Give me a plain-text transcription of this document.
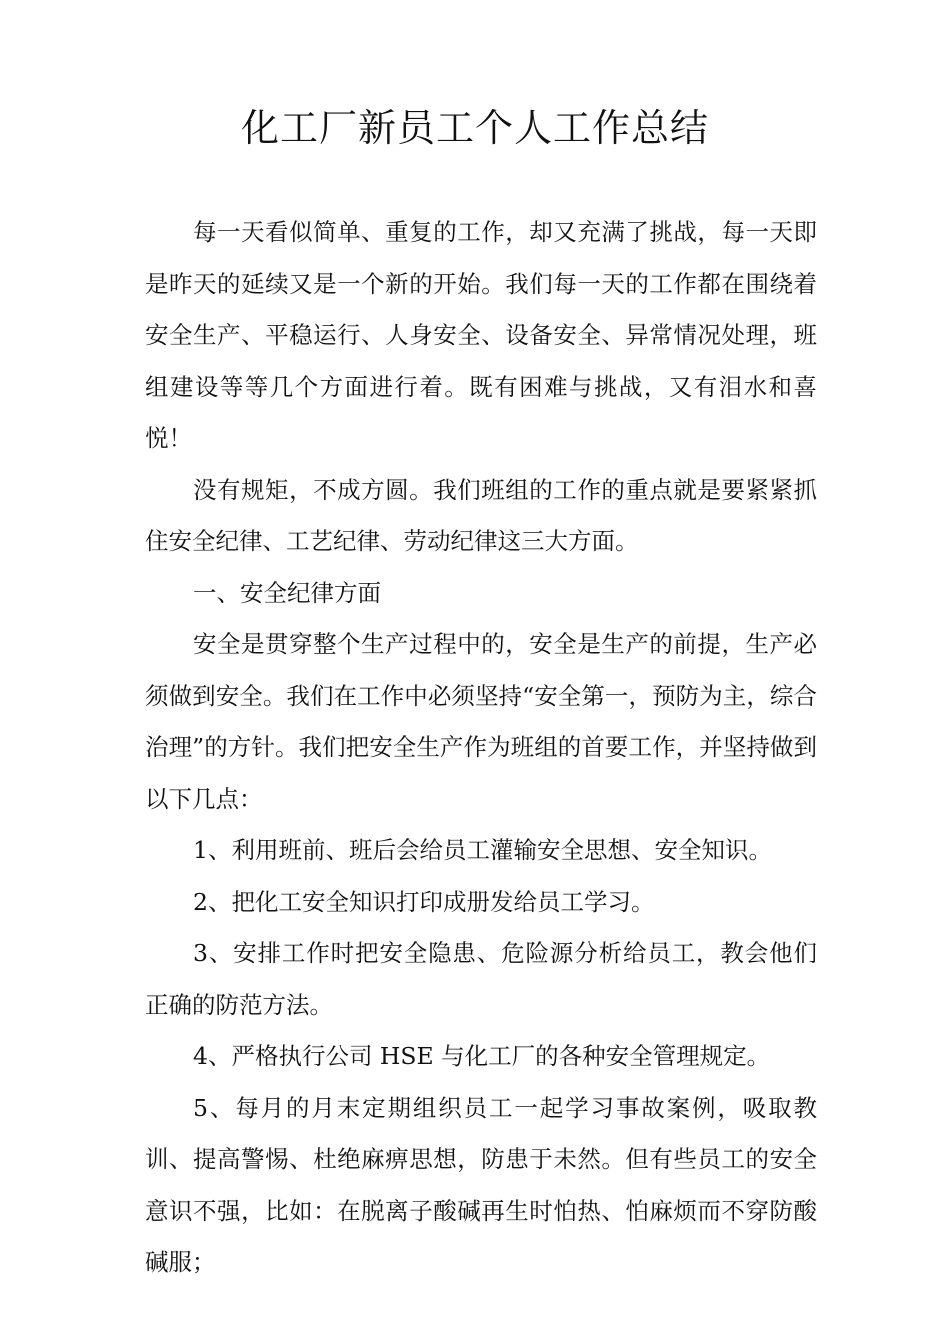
化工厂新员工个人工作总结

每一天看似简单、重复的工作，却又充满了挑战，每一天即是昨天的延续又是一个新的开始。我们每一天的工作都在围绕着安全生产、平稳运行、人身安全、设备安全、异常情况处理，班组建设等等几个方面进行着。既有困难与挑战，又有泪水和喜悦！

没有规矩，不成方圆。我们班组的工作的重点就是要紧紧抓住安全纪律、工艺纪律、劳动纪律这三大方面。

一、安全纪律方面

安全是贯穿整个生产过程中的，安全是生产的前提，生产必须做到安全。我们在工作中必须坚持“安全第一，预防为主，综合治理”的方针。我们把安全生产作为班组的首要工作，并坚持做到以下几点：

1、利用班前、班后会给员工灌输安全思想、安全知识。

2、把化工安全知识打印成册发给员工学习。

3、安排工作时把安全隐患、危险源分析给员工，教会他们正确的防范方法。

4、严格执行公司 HSE 与化工厂的各种安全管理规定。

5、每月的月末定期组织员工一起学习事故案例，吸取教训、提高警惕、杜绝麻痹思想，防患于未然。但有些员工的安全意识不强，比如：在脱离子酸碱再生时怕热、怕麻烦而不穿防酸碱服；
